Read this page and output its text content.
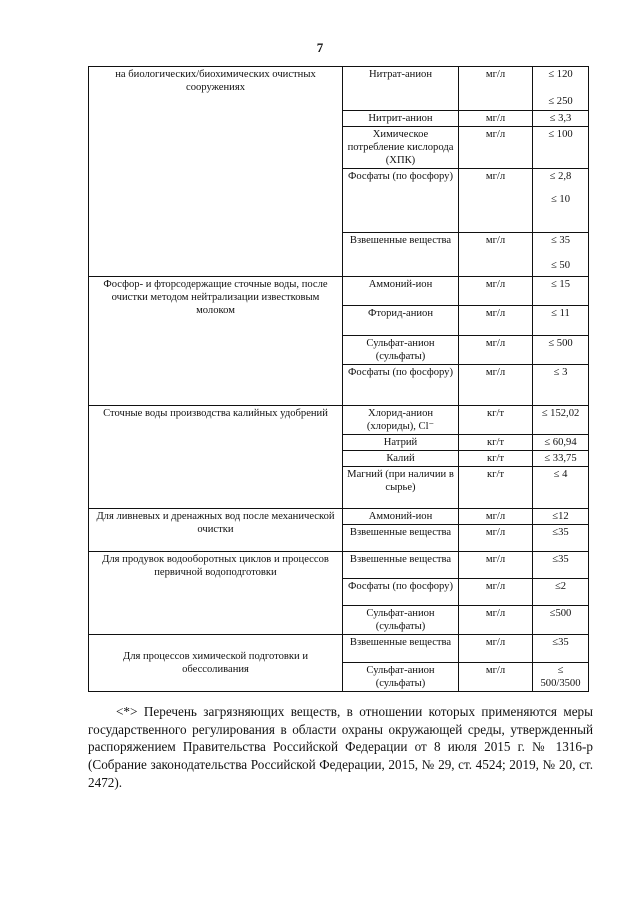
7
на биологических/биохимических очистных сооружениях	Нитрат-анион	мг/л	≤ 120
≤ 250

	Нитрит-анион	мг/л	≤ 3,3
	Химическое потребление кислорода (ХПК)	мг/л	≤ 100
	Фосфаты (по фосфору)	мг/л	≤ 2,8
≤ 10

	Взвешенные вещества	мг/л	≤ 35
≤ 50

Фосфор- и фторсодержащие сточные воды, после очистки методом нейтрализации известковым молоком	Аммоний-ион	мг/л	≤ 15
	Фторид-анион	мг/л	≤ 11
	Сульфат-анион (сульфаты)	мг/л	≤ 500
	Фосфаты (по фосфору)	мг/л	≤ 3
Сточные воды производства калийных удобрений	Хлорид-анион (хлориды), Cl⁻	кг/т	≤ 152,02
	Натрий	кг/т	≤ 60,94
	Калий	кг/т	≤ 33,75
	Магний (при наличии в сырье)	кг/т	≤ 4
Для ливневых и дренажных вод после механической очистки	Аммоний-ион	мг/л	≤12
	Взвешенные вещества	мг/л	≤35
Для продувок водооборотных циклов и процессов первичной водоподготовки	Взвешенные вещества	мг/л	≤35
	Фосфаты (по фосфору)	мг/л	≤2
	Сульфат-анион (сульфаты)	мг/л	≤500
Для процессов химической подготовки и обессоливания	Взвешенные вещества	мг/л	≤35
	Сульфат-анион (сульфаты)	мг/л	≤
500/3500

<*> Перечень загрязняющих веществ, в отношении которых применяются меры государственного регулирования в области охраны окружающей среды, утвержденный распоряжением Правительства Российской Федерации от 8 июля 2015 г. № 1316-р (Собрание законодательства Российской Федерации, 2015, № 29, ст. 4524; 2019, № 20, ст. 2472).
